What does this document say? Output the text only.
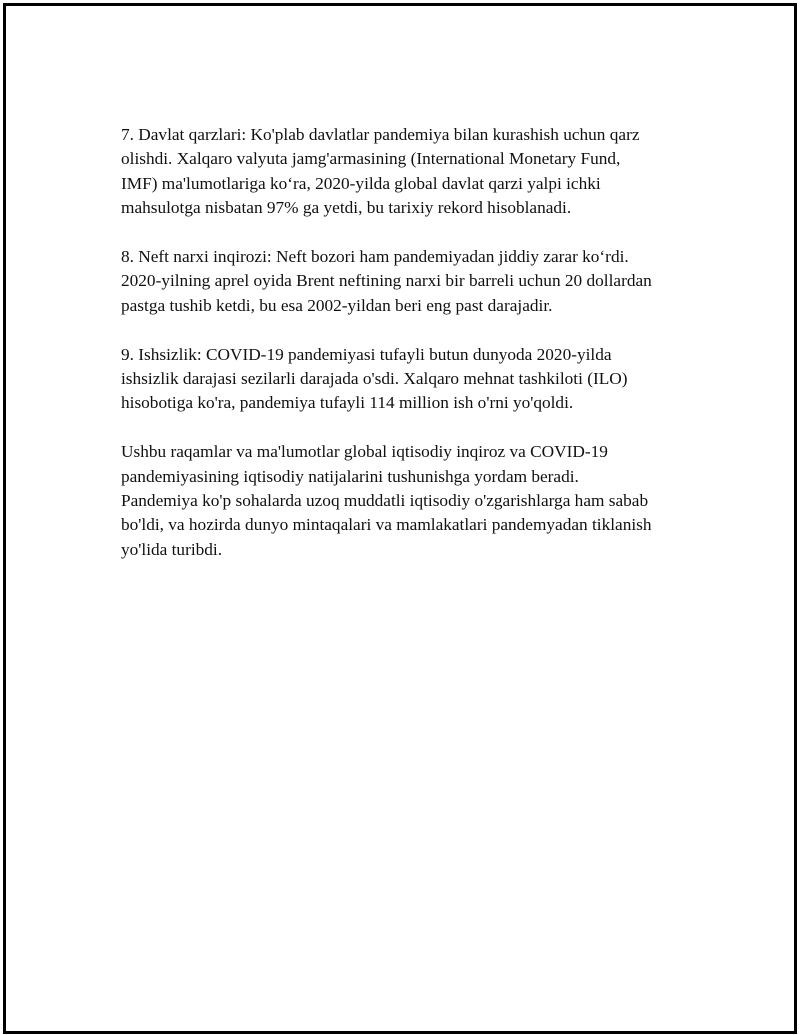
7. Davlat qarzlari: Ko'plab davlatlar pandemiya bilan kurashish uchun qarz
olishdi. Xalqaro valyuta jamg'armasining (International Monetary Fund,
IMF) ma'lumotlariga ko‘ra, 2020-yilda global davlat qarzi yalpi ichki
mahsulotga nisbatan 97% ga yetdi, bu tarixiy rekord hisoblanadi.

8. Neft narxi inqirozi: Neft bozori ham pandemiyadan jiddiy zarar ko‘rdi.
2020-yilning aprel oyida Brent neftining narxi bir barreli uchun 20 dollardan
pastga tushib ketdi, bu esa 2002-yildan beri eng past darajadir.

9. Ishsizlik: COVID-19 pandemiyasi tufayli butun dunyoda 2020-yilda
ishsizlik darajasi sezilarli darajada o'sdi. Xalqaro mehnat tashkiloti (ILO)
hisobotiga ko'ra, pandemiya tufayli 114 million ish o'rni yo'qoldi.

Ushbu raqamlar va ma'lumotlar global iqtisodiy inqiroz va COVID-19
pandemiyasining iqtisodiy natijalarini tushunishga yordam beradi.
Pandemiya ko'p sohalarda uzoq muddatli iqtisodiy o'zgarishlarga ham sabab
bo'ldi, va hozirda dunyo mintaqalari va mamlakatlari pandemyadan tiklanish
yo'lida turibdi.
